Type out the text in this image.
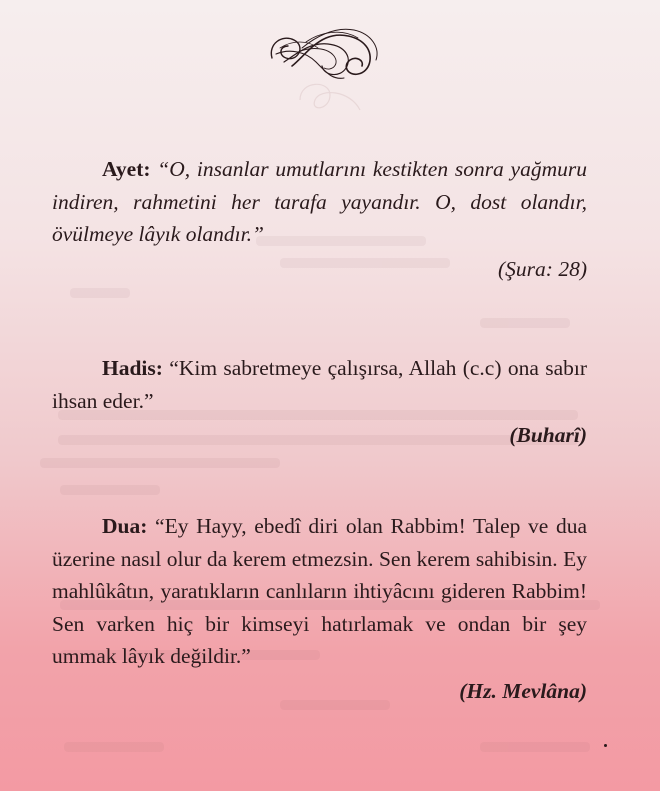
Ayet: “O, insanlar umutlarını kestikten sonra yağmuru indiren, rahmetini her tarafa yayandır. O, dost olandır, övülmeye lâyık olandır.”

(Şura: 28)

Hadis: “Kim sabretmeye çalışırsa, Allah (c.c) ona sabır ihsan eder.”

(Buharî)

Dua: “Ey Hayy, ebedî diri olan Rabbim! Talep ve dua üzerine nasıl olur da kerem etmezsin. Sen kerem sahibisin. Ey mahlûkâtın, yaratıkların canlıların ihtiyâcını gideren Rabbim! Sen varken hiç bir kimseyi hatırlamak ve ondan bir şey ummak lâyık değildir.”

(Hz. Mevlâna)
